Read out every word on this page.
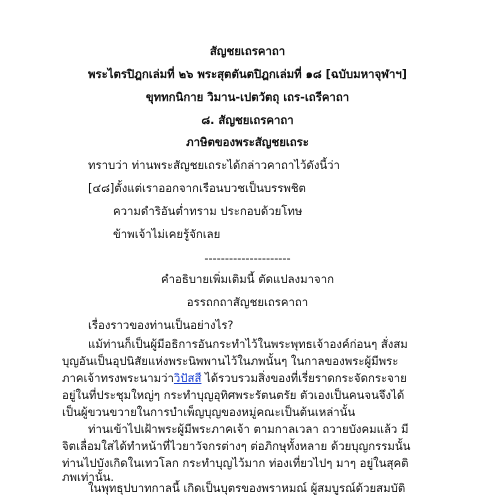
สัญชยเถรคาถา
พระไตรปิฎกเล่มที่ ๒๖ พระสุตตันตปิฎกเล่มที่ ๑๘ [ฉบับมหาจุฬาฯ]
ขุททกนิกาย วิมาน-เปตวัตถุ เถร-เถรีคาถา
๘. สัญชยเถรคาถา
ภาษิตของพระสัญชยเถระ
ทราบว่า ท่านพระสัญชยเถระได้กล่าวคาถาไว้ดังนี้ว่า
[๔๘]ตั้งแต่เราออกจากเรือนบวชเป็นบรรพชิต
ความดำริอันต่ำทราม ประกอบด้วยโทษ
ข้าพเจ้าไม่เคยรู้จักเลย
---------------------
คำอธิบายเพิ่มเติมนี้ ตัดแปลงมาจาก
อรรถกถาสัญชยเถรคาถา
เรื่องราวของท่านเป็นอย่างไร?
แม้ท่านก็เป็นผู้มีอธิการอันกระทำไว้ในพระพุทธเจ้าองค์ก่อนๆ สั่งสม
บุญอันเป็นอุปนิสัยแห่งพระนิพพานไว้ในภพนั้นๆ ในกาลของพระผู้มีพระ
ภาคเจ้าทรงพระนามว่าวิปัสสี ได้รวบรวมสิ่งของที่เรี่ยราดกระจัดกระจาย
อยู่ในที่ประชุมใหญ่ๆ กระทำบุญอุทิศพระรัตนตรัย ตัวเองเป็นคนจนจึงได้
เป็นผู้ขวนขวายในการบำเพ็ญบุญของหมู่คณะเป็นต้นเหล่านั้น
ท่านเข้าไปเฝ้าพระผู้มีพระภาคเจ้า ตามกาลเวลา ถวายบังคมแล้ว มี
จิตเลื่อมใสได้ทำหน้าที่ไวยาวัจกรต่างๆ ต่อภิกษุทั้งหลาย ด้วยบุญกรรมนั้น
ท่านไปบังเกิดในเทวโลก กระทำบุญไว้มาก ท่องเที่ยวไปๆ มาๆ อยู่ในสุคติ
ภพเท่านั้น.
ในพุทธุปบาทกาลนี้ เกิดเป็นบุตรของพราหมณ์ ผู้สมบูรณ์ด้วยสมบัติ
